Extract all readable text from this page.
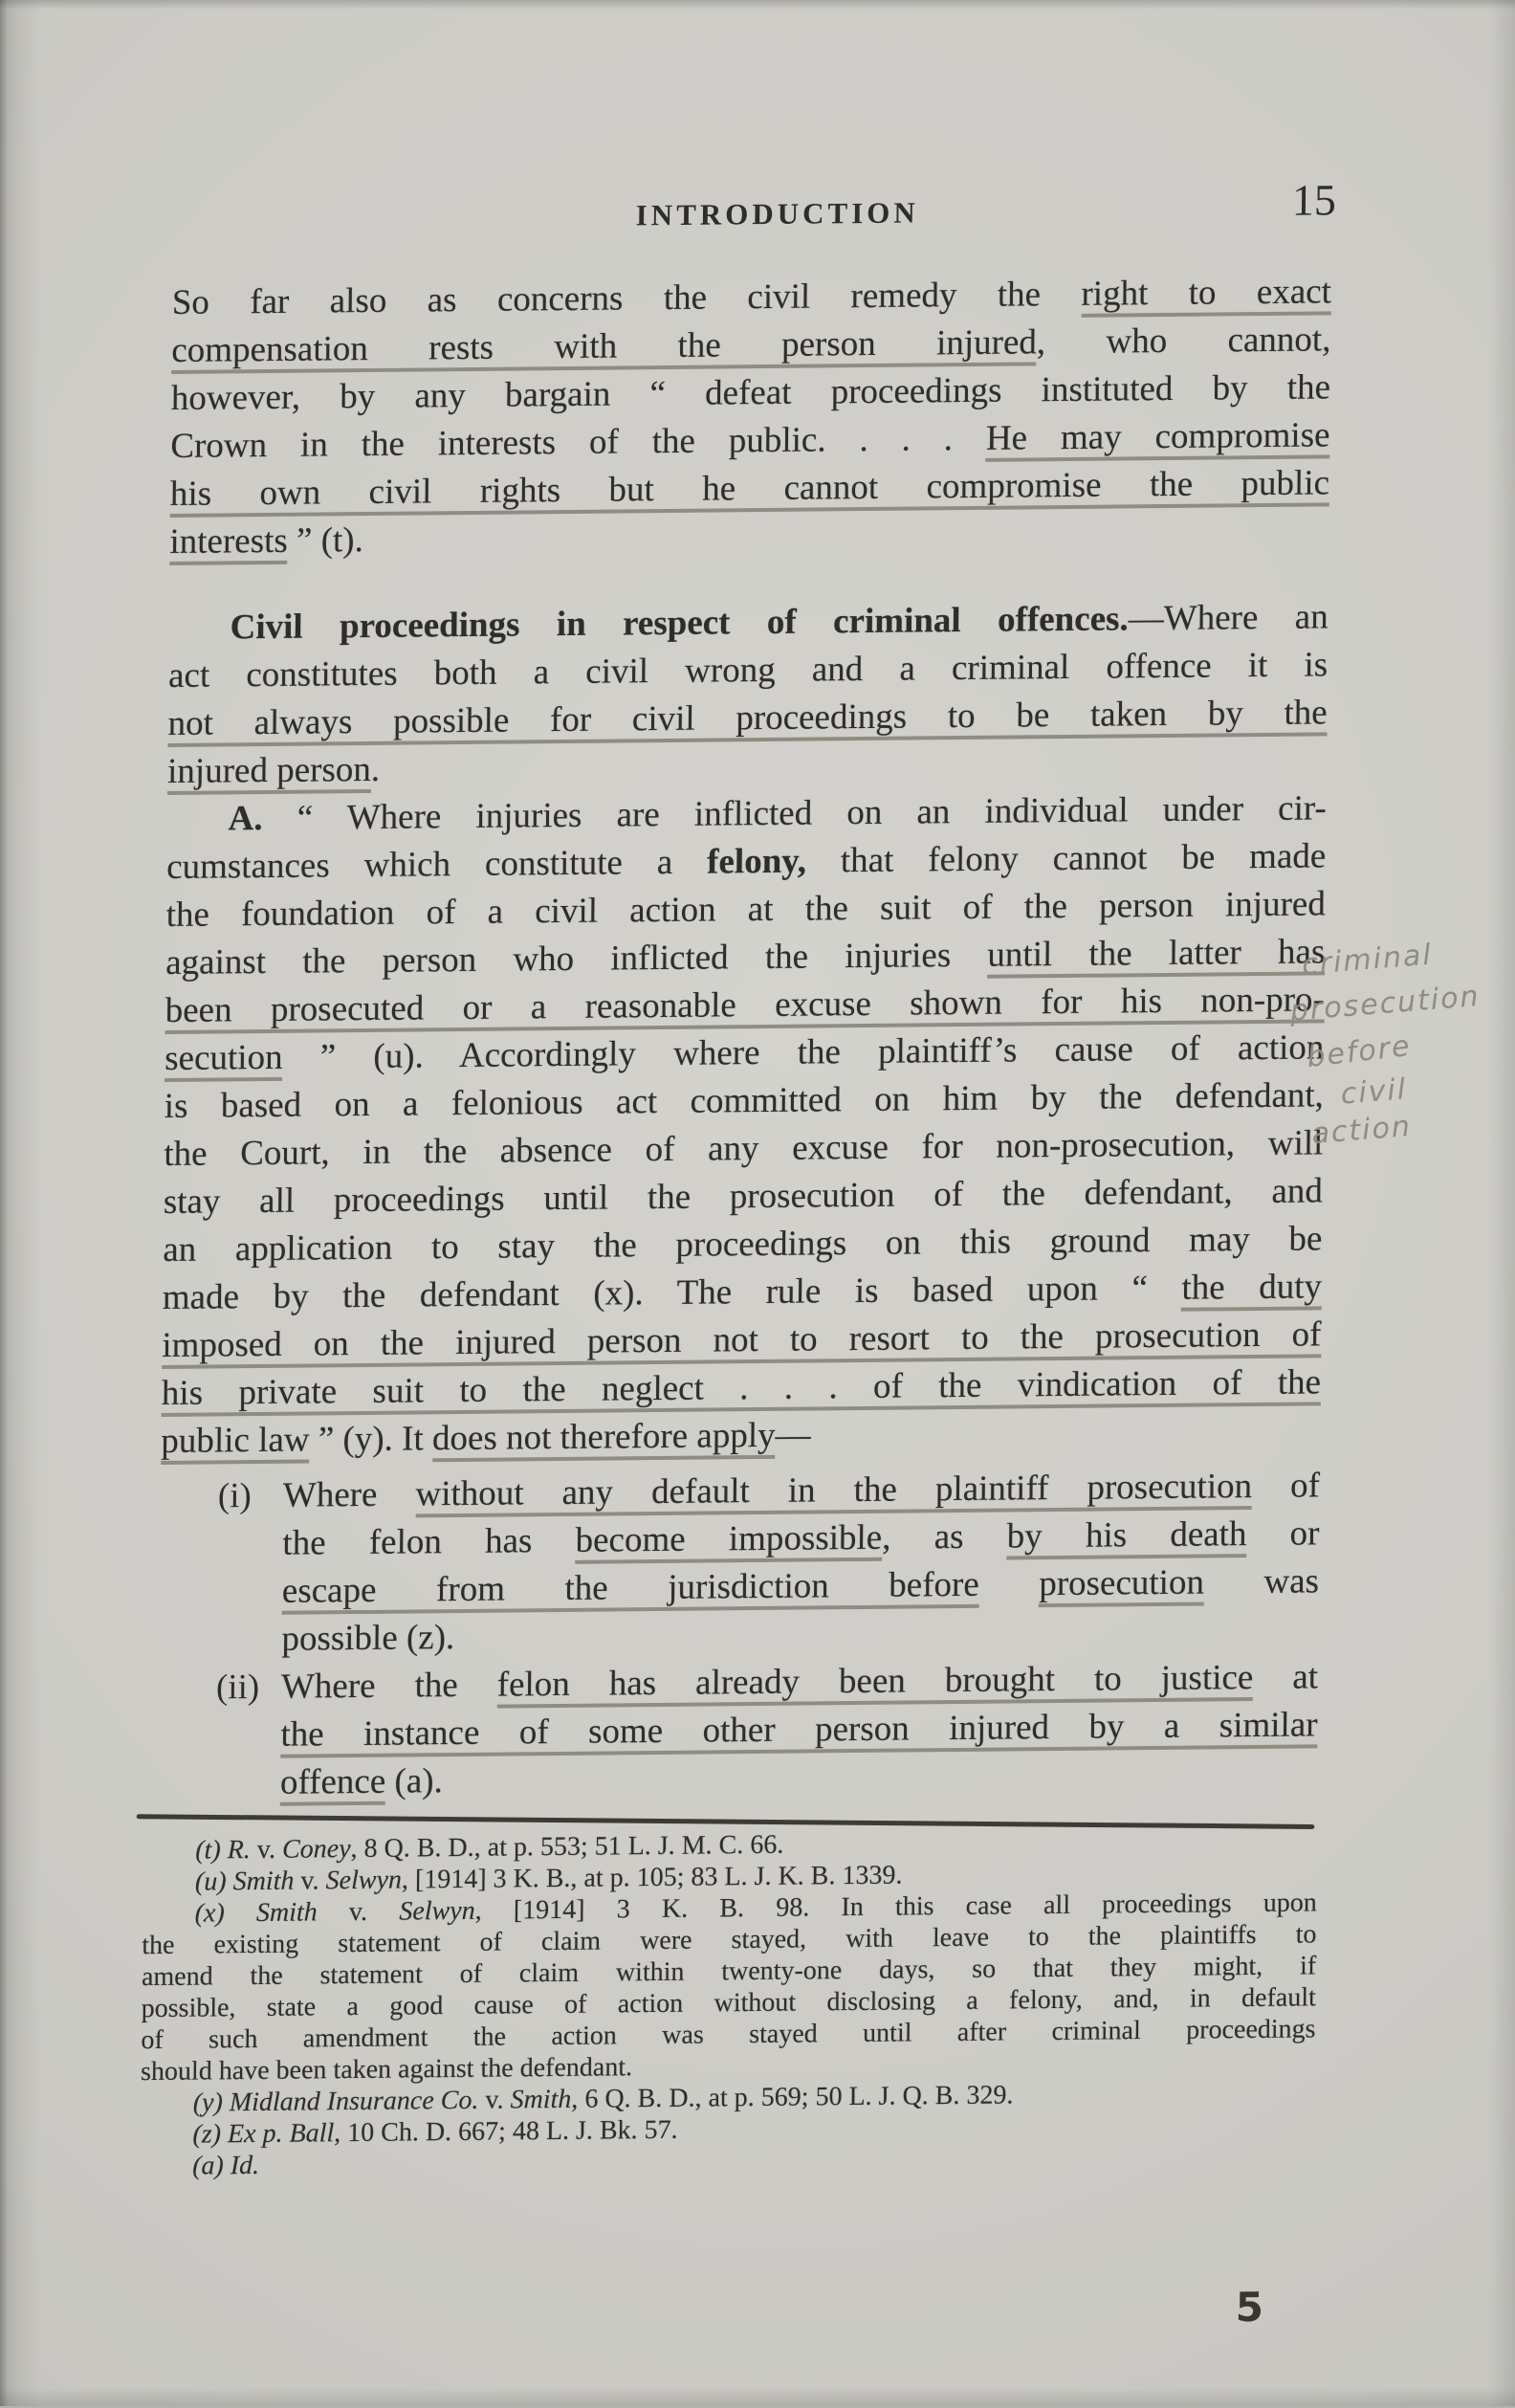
INTRODUCTION	15
So far also as concerns the civil remedy the right to exact
compensation rests with the person injured, who cannot,
however, by any bargain “ defeat proceedings instituted by the
Crown in the interests of the public. . . . He may compromise
his own civil rights but he cannot compromise the public
interests ” (t).
Civil proceedings in respect of criminal offences.—Where an
act constitutes both a civil wrong and a criminal offence it is
not always possible for civil proceedings to be taken by the
injured person.
A. “ Where injuries are inflicted on an individual under cir-
cumstances which constitute a felony, that felony cannot be made
the foundation of a civil action at the suit of the person injured
against the person who inflicted the injuries until the latter has
been prosecuted or a reasonable excuse shown for his non-pro-
secution ” (u). Accordingly where the plaintiff’s cause of action
is based on a felonious act committed on him by the defendant,
the Court, in the absence of any excuse for non-prosecution, will
stay all proceedings until the prosecution of the defendant, and
an application to stay the proceedings on this ground may be
made by the defendant (x). The rule is based upon “ the duty
imposed on the injured person not to resort to the prosecution of
his private suit to the neglect . . . of the vindication of the
public law ” (y). It does not therefore apply—
(i) Where without any default in the plaintiff prosecution of
the felon has become impossible, as by his death or
escape from the jurisdiction before prosecution was
possible (z).
(ii) Where the felon has already been brought to justice at
the instance of some other person injured by a similar
offence (a).
(t) R. v. Coney, 8 Q. B. D., at p. 553; 51 L. J. M. C. 66.
(u) Smith v. Selwyn, [1914] 3 K. B., at p. 105; 83 L. J. K. B. 1339.
(x) Smith v. Selwyn, [1914] 3 K. B. 98. In this case all proceedings upon
the existing statement of claim were stayed, with leave to the plaintiffs to
amend the statement of claim within twenty-one days, so that they might, if
possible, state a good cause of action without disclosing a felony, and, in default
of such amendment the action was stayed until after criminal proceedings
should have been taken against the defendant.
(y) Midland Insurance Co. v. Smith, 6 Q. B. D., at p. 569; 50 L. J. Q. B. 329.
(z) Ex p. Ball, 10 Ch. D. 667; 48 L. J. Bk. 57.
(a) Id.
criminal
prosecution
before
civil
action
5
